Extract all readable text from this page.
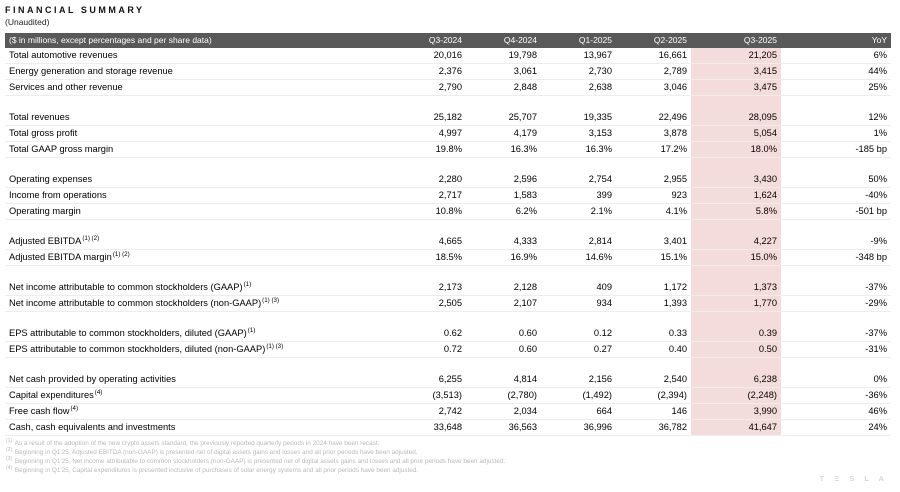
FINANCIAL SUMMARY
(Unaudited)
($ in millions, except percentages and per share data)	Q3-2024	Q4-2024	Q1-2025	Q2-2025	Q3-2025	YoY
Total automotive revenues	20,016	19,798	13,967	16,661	21,205	6%
Energy generation and storage revenue	2,376	3,061	2,730	2,789	3,415	44%
Services and other revenue	2,790	2,848	2,638	3,046	3,475	25%
Total revenues	25,182	25,707	19,335	22,496	28,095	12%
Total gross profit	4,997	4,179	3,153	3,878	5,054	1%
Total GAAP gross margin	19.8%	16.3%	16.3%	17.2%	18.0%	-185 bp
Operating expenses	2,280	2,596	2,754	2,955	3,430	50%
Income from operations	2,717	1,583	399	923	1,624	-40%
Operating margin	10.8%	6.2%	2.1%	4.1%	5.8%	-501 bp
Adjusted $EBITDA^{(1) (2)}$	4,665	4,333	2,814	3,401	4,227	-9%
Adjusted EBITDA margin$^{(1) (2)}$	18.5%	16.9%	14.6%	15.1%	15.0%	-348 bp
Net income attributable to common stockholders (GAAP)$^{(1)}$	2,173	2,128	409	1,172	1,373	-37%
Net income attributable to common stockholders (non-GAAP)$^{(1) (3)}$	2,505	2,107	934	1,393	1,770	-29%
EPS attributable to common stockholders, diluted (GAAP)$^{(1)}$	0.62	0.60	0.12	0.33	0.39	-37%
EPS attributable to common stockholders, diluted (non-GAAP)$^{(1) (3)}$	0.72	0.60	0.27	0.40	0.50	-31%
Net cash provided by operating activities	6,255	4,814	2,156	2,540	6,238	0%
Capital expenditures$^{(4)}$	(3,513)	(2,780)	(1,492)	(2,394)	(2,248)	-36%
Free cash flow$^{(4)}$	2,742	2,034	664	146	3,990	46%
Cash, cash equivalents and investments	33,648	36,563	36,996	36,782	41,647	24%
$^{(1)}$ As a result of the adoption of the new crypto assets standard, the previously reported quarterly periods in 2024 have been recast.
$^{(2)}$ Beginning in Q1'25, Adjusted EBITDA (non-GAAP) is presented net of digital assets gains and losses and all prior periods have been adjusted.
$^{(3)}$ Beginning in Q1'25, Net income attributable to common stockholders (non-GAAP) is presented net of digital assets gains and losses and all prior periods have been adjusted.
$^{(4)}$ Beginning in Q1'25, Capital expenditures is presented inclusive of purchases of solar energy systems and all prior periods have been adjusted.
T Ξ S L A
